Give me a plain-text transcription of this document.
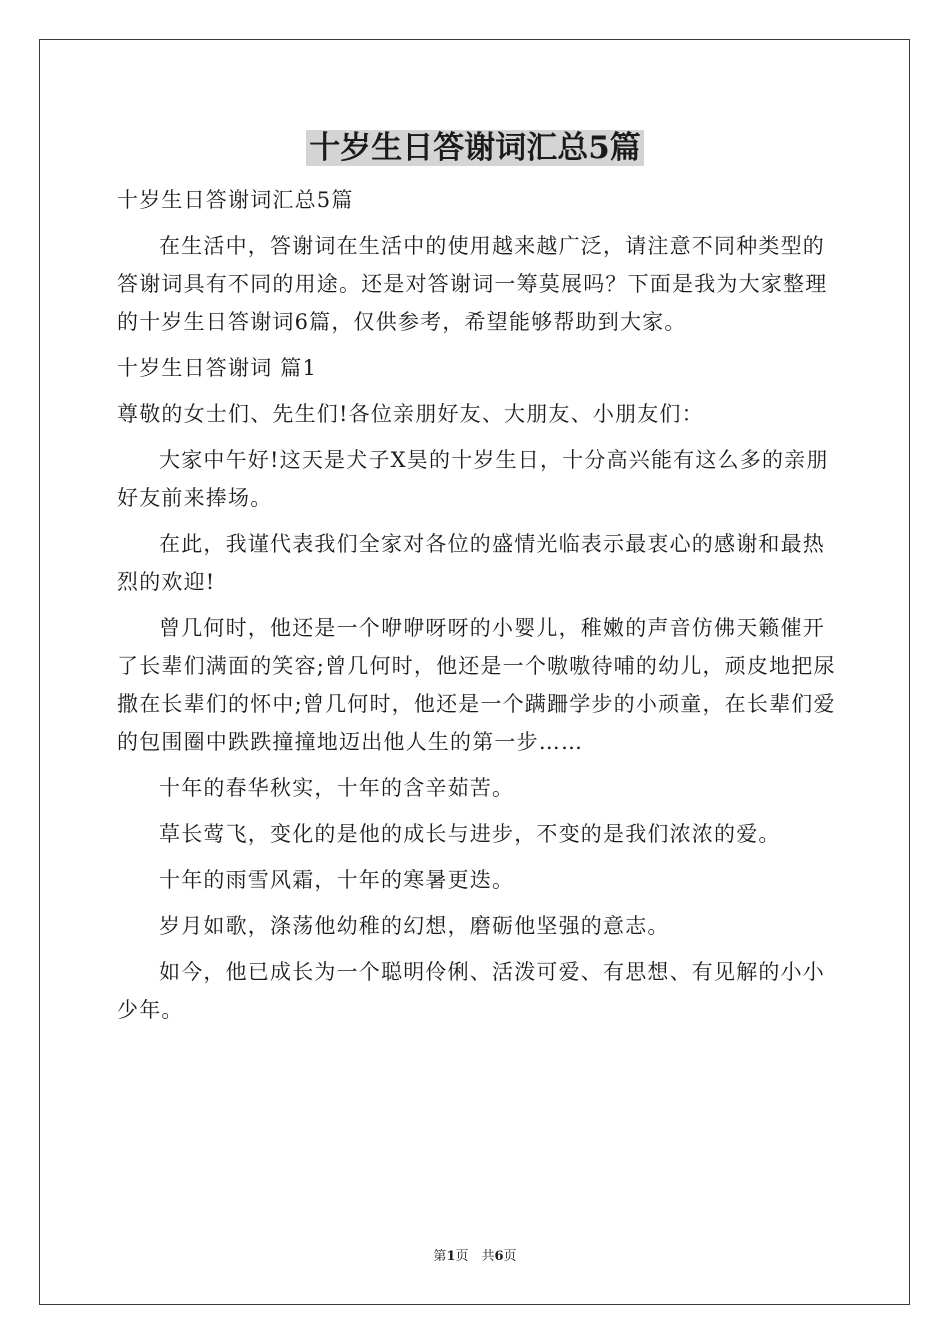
十岁生日答谢词汇总5篇

十岁生日答谢词汇总5篇

在生活中，答谢词在生活中的使用越来越广泛，请注意不同种类型的答谢词具有不同的用途。还是对答谢词一筹莫展吗？下面是我为大家整理的十岁生日答谢词6篇，仅供参考，希望能够帮助到大家。

十岁生日答谢词 篇1

尊敬的女士们、先生们!各位亲朋好友、大朋友、小朋友们：

大家中午好!这天是犬子X昊的十岁生日，十分高兴能有这么多的亲朋好友前来捧场。

在此，我谨代表我们全家对各位的盛情光临表示最衷心的感谢和最热烈的欢迎!

曾几何时，他还是一个咿咿呀呀的小婴儿，稚嫩的声音仿佛天籁催开了长辈们满面的笑容;曾几何时，他还是一个嗷嗷待哺的幼儿，顽皮地把尿撒在长辈们的怀中;曾几何时，他还是一个蹒跚学步的小顽童，在长辈们爱的包围圈中跌跌撞撞地迈出他人生的第一步……

十年的春华秋实，十年的含辛茹苦。

草长莺飞，变化的是他的成长与进步，不变的是我们浓浓的爱。

十年的雨雪风霜，十年的寒暑更迭。

岁月如歌，涤荡他幼稚的幻想，磨砺他坚强的意志。

如今，他已成长为一个聪明伶俐、活泼可爱、有思想、有见解的小小少年。

第1页　共6页
